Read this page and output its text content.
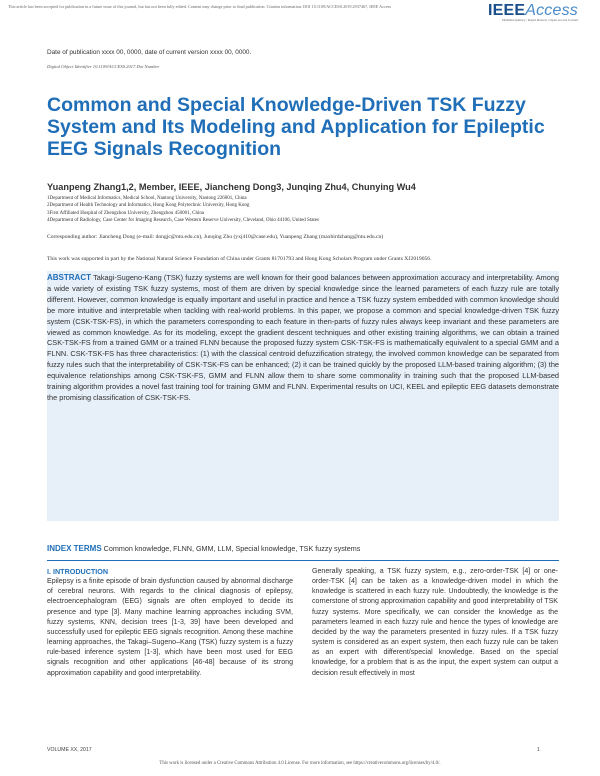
This article has been accepted for publication in a future issue of this journal, but has not been fully edited. Content may change prior to final publication. Citation information: DOI 10.1109/ACCESS.2019.2937467, IEEE Access	IEEEAccess
Multidisciplinary | Rapid Review | Open Access Journal
Date of publication xxxx 00, 0000, date of current version xxxx 00, 0000.
Digital Object Identifier 10.1109/ACCESS.2017.Doi Number
Common and Special Knowledge-Driven TSK Fuzzy System and Its Modeling and Application for Epileptic EEG Signals Recognition
Yuanpeng Zhang1,2, Member, IEEE, Jiancheng Dong3, Junqing Zhu4, Chunying Wu4
1Department of Medical Informatics, Medical School, Nantong University, Nantong 226001, China
2Department of Health Technology and Informatics, Hong Kong Polytechnic University, Hong Kong
3First Affiliated Hospital of Zhengzhou University, Zhengzhou 450001, China
4Department of Radiology, Case Center for Imaging Research, Case Western Reserve University, Cleveland, Ohio 44106, United States
Corresponding author: Jiancheng Dong (e-mail: dongjc@ntu.edu.cn), Junqing Zhu (yxj410@case.edu), Yuanpeng Zhang (maxbirdzhang@ntu.edu.cn)
This work was supported in part by the National Natural Science Foundation of China under Grants 81701793 and Hong Kong Scholars Program under Grants XJ2019056.

ABSTRACT Takagi-Sugeno-Kang (TSK) fuzzy systems are well known for their good balances between approximation accuracy and interpretability. Among a wide variety of existing TSK fuzzy systems, most of them are driven by special knowledge since the learned parameters of each fuzzy rule are totally different. However, common knowledge is equally important and useful in practice and hence a TSK fuzzy system embedded with common knowledge should be more intuitive and interpretable when tackling with real-world problems. In this paper, we propose a common and special knowledge-driven TSK fuzzy system (CSK-TSK-FS), in which the parameters corresponding to each feature in then-parts of fuzzy rules always keep invariant and these parameters are viewed as common knowledge. As for its modeling, except the gradient descent techniques and other existing training algorithms, we can obtain a trained CSK-TSK-FS from a trained GMM or a trained FLNN because the proposed fuzzy system CSK-TSK-FS is mathematically equivalent to a special GMM and a FLNN. CSK-TSK-FS has three characteristics: (1) with the classical centroid defuzzification strategy, the involved common knowledge can be separated from fuzzy rules such that the interpretability of CSK-TSK-FS can be enhanced; (2) it can be trained quickly by the proposed LLM-based training algorithm; (3) the equivalence relationships among CSK-TSK-FS, GMM and FLNN allow them to share some commonality in training such that the proposed LLM-based training algorithm provides a novel fast training tool for training GMM and FLNN. Experimental results on UCI, KEEL and epileptic EEG datasets demonstrate the promising classification of CSK-TSK-FS.

INDEX TERMS Common knowledge, FLNN, GMM, LLM, Special knowledge, TSK fuzzy systems

I. INTRODUCTION

Epilepsy is a finite episode of brain dysfunction caused by abnormal discharge of cerebral neurons. With regards to the clinical diagnosis of epilepsy, electroencephalogram (EEG) signals are often employed to decide its presence and type [3]. Many machine learning approaches including SVM, fuzzy systems, KNN, decision trees [1-3, 39] have been developed and successfully used for epileptic EEG signals recognition. Among these machine learning approaches, the Takagi–Sugeno–Kang (TSK) fuzzy system is a fuzzy rule-based inference system [1-3], which have been most used for EEG signals recognition and other applications [46-48] because of its strong approximation capability and good interpretability.

Generally speaking, a TSK fuzzy system, e.g., zero-order-TSK [4] or one-order-TSK [4] can be taken as a knowledge-driven model in which the knowledge is scattered in each fuzzy rule. Undoubtedly, the knowledge is the cornerstone of strong approximation capability and good interpretability of TSK fuzzy systems. More specifically, we can consider the knowledge as the parameters learned in each fuzzy rule and hence the types of knowledge are decided by the way the parameters presented in fuzzy rules. If a TSK fuzzy system is considered as an expert system, then each fuzzy rule can be taken as an expert with different/special knowledge. Based on the special knowledge, for a problem that is as the input, the expert system can output a decision result effectively in most

VOLUME XX, 2017	1
This work is licensed under a Creative Commons Attribution 4.0 License. For more information, see https://creativecommons.org/licenses/by/4.0/.
